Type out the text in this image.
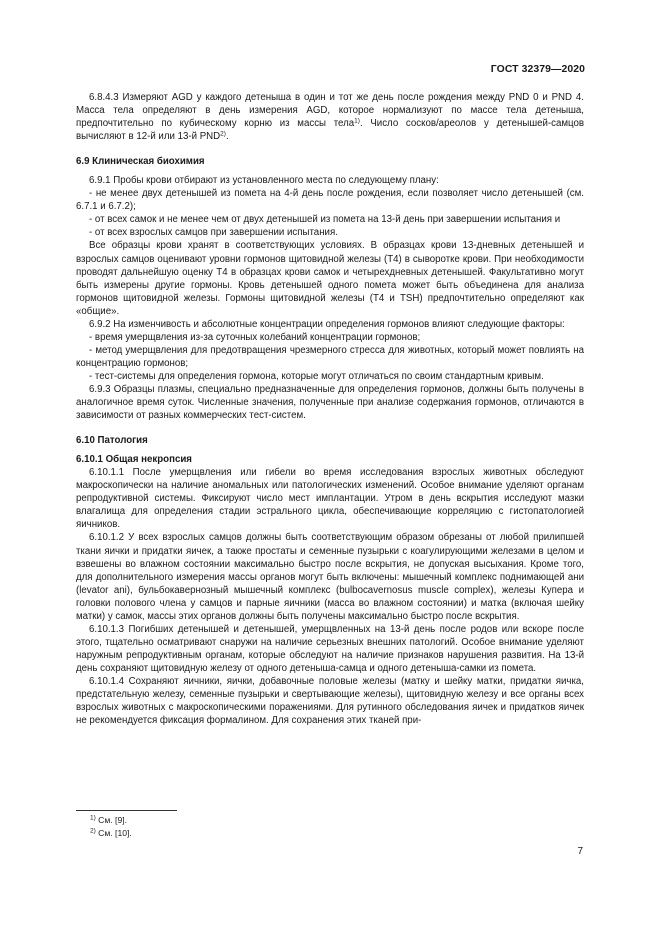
ГОСТ 32379—2020

6.8.4.3 Измеряют AGD у каждого детеныша в один и тот же день после рождения между PND 0 и PND 4. Масса тела определяют в день измерения AGD, которое нормализуют по массе тела детеныша, предпочтительно по кубическому корню из массы тела$^{1)}$. Число сосков/ареолов у детенышей-самцов вычисляют в 12-й или 13-й PND$^{2)}$.

6.9 Клиническая биохимия

6.9.1 Пробы крови отбирают из установленного места по следующему плану:

- не менее двух детенышей из помета на 4-й день после рождения, если позволяет число детенышей (см. 6.7.1 и 6.7.2);

- от всех самок и не менее чем от двух детенышей из помета на 13-й день при завершении испытания и

- от всех взрослых самцов при завершении испытания.

Все образцы крови хранят в соответствующих условиях. В образцах крови 13-дневных детенышей и взрослых самцов оценивают уровни гормонов щитовидной железы (Т4) в сыворотке крови. При необходимости проводят дальнейшую оценку Т4 в образцах крови самок и четырехдневных детенышей. Факультативно могут быть измерены другие гормоны. Кровь детенышей одного помета может быть объединена для анализа гормонов щитовидной железы. Гормоны щитовидной железы (Т4 и TSH) предпочтительно определяют как «общие».

6.9.2 На изменчивость и абсолютные концентрации определения гормонов влияют следующие факторы:

- время умерщвления из-за суточных колебаний концентрации гормонов;

- метод умерщвления для предотвращения чрезмерного стресса для животных, который может повлиять на концентрацию гормонов;

- тест-системы для определения гормона, которые могут отличаться по своим стандартным кривым.

6.9.3 Образцы плазмы, специально предназначенные для определения гормонов, должны быть получены в аналогичное время суток. Численные значения, полученные при анализе содержания гормонов, отличаются в зависимости от разных коммерческих тест-систем.

6.10 Патология
6.10.1 Общая некропсия

6.10.1.1 После умерщвления или гибели во время исследования взрослых животных обследуют макроскопически на наличие аномальных или патологических изменений. Особое внимание уделяют органам репродуктивной системы. Фиксируют число мест имплантации. Утром в день вскрытия исследуют мазки влагалища для определения стадии эстрального цикла, обеспечивающие корреляцию с гистопатологией яичников.

6.10.1.2 У всех взрослых самцов должны быть соответствующим образом обрезаны от любой прилипшей ткани яички и придатки яичек, а также простаты и семенные пузырьки с коагулирующими железами в целом и взвешены во влажном состоянии максимально быстро после вскрытия, не допуская высыхания. Кроме того, для дополнительного измерения массы органов могут быть включены: мышечный комплекс поднимающей ани (levator ani), бульбокавернозный мышечный комплекс (bulbocavernosus muscle complex), железы Купера и головки полового члена у самцов и парные яичники (масса во влажном состоянии) и матка (включая шейку матки) у самок, массы этих органов должны быть получены максимально быстро после вскрытия.

6.10.1.3 Погибших детенышей и детенышей, умерщвленных на 13-й день после родов или вскоре после этого, тщательно осматривают снаружи на наличие серьезных внешних патологий. Особое внимание уделяют наружным репродуктивным органам, которые обследуют на наличие признаков нарушения развития. На 13-й день сохраняют щитовидную железу от одного детеныша-самца и одного детеныша-самки из помета.

6.10.1.4 Сохраняют яичники, яички, добавочные половые железы (матку и шейку матки, придатки яичка, предстательную железу, семенные пузырьки и свертывающие железы), щитовидную железу и все органы всех взрослых животных с макроскопическими поражениями. Для рутинного обследования яичек и придатков яичек не рекомендуется фиксация формалином. Для сохранения этих тканей при-

$^{1)}$ См. [9].
$^{2)}$ См. [10].
7
